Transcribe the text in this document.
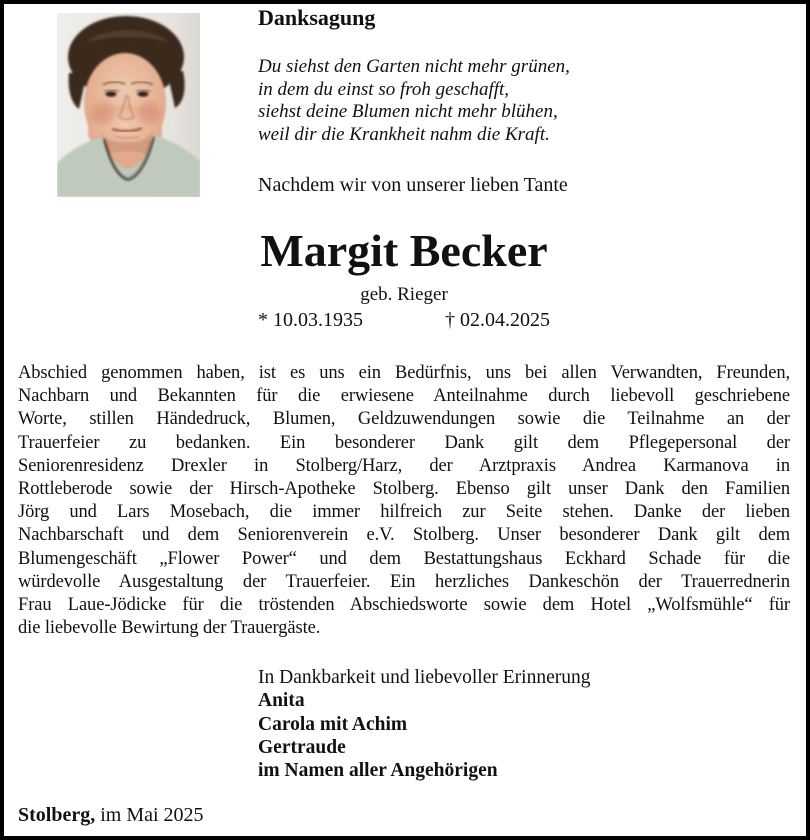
Danksagung
Du siehst den Garten nicht mehr grünen,
in dem du einst so froh geschafft,
siehst deine Blumen nicht mehr blühen,
weil dir die Krankheit nahm die Kraft.
Nachdem wir von unserer lieben Tante
Margit Becker
geb. Rieger
* 10.03.1935	† 02.04.2025
Abschied genommen haben, ist es uns ein Bedürfnis, uns bei allen Verwandten, Freunden,
Nachbarn und Bekannten für die erwiesene Anteilnahme durch liebevoll geschriebene
Worte, stillen Händedruck, Blumen, Geldzuwendungen sowie die Teilnahme an der
Trauerfeier zu bedanken. Ein besonderer Dank gilt dem Pflegepersonal der
Seniorenresidenz Drexler in Stolberg/Harz, der Arztpraxis Andrea Karmanova in
Rottleberode sowie der Hirsch-Apotheke Stolberg. Ebenso gilt unser Dank den Familien
Jörg und Lars Mosebach, die immer hilfreich zur Seite stehen. Danke der lieben
Nachbarschaft und dem Seniorenverein e.V. Stolberg. Unser besonderer Dank gilt dem
Blumengeschäft „Flower Power“ und dem Bestattungshaus Eckhard Schade für die
würdevolle Ausgestaltung der Trauerfeier. Ein herzliches Dankeschön der Trauerrednerin
Frau Laue-Jödicke für die tröstenden Abschiedsworte sowie dem Hotel „Wolfsmühle“ für
die liebevolle Bewirtung der Trauergäste.
In Dankbarkeit und liebevoller Erinnerung
Anita
Carola mit Achim
Gertraude
im Namen aller Angehörigen
Stolberg, im Mai 2025
